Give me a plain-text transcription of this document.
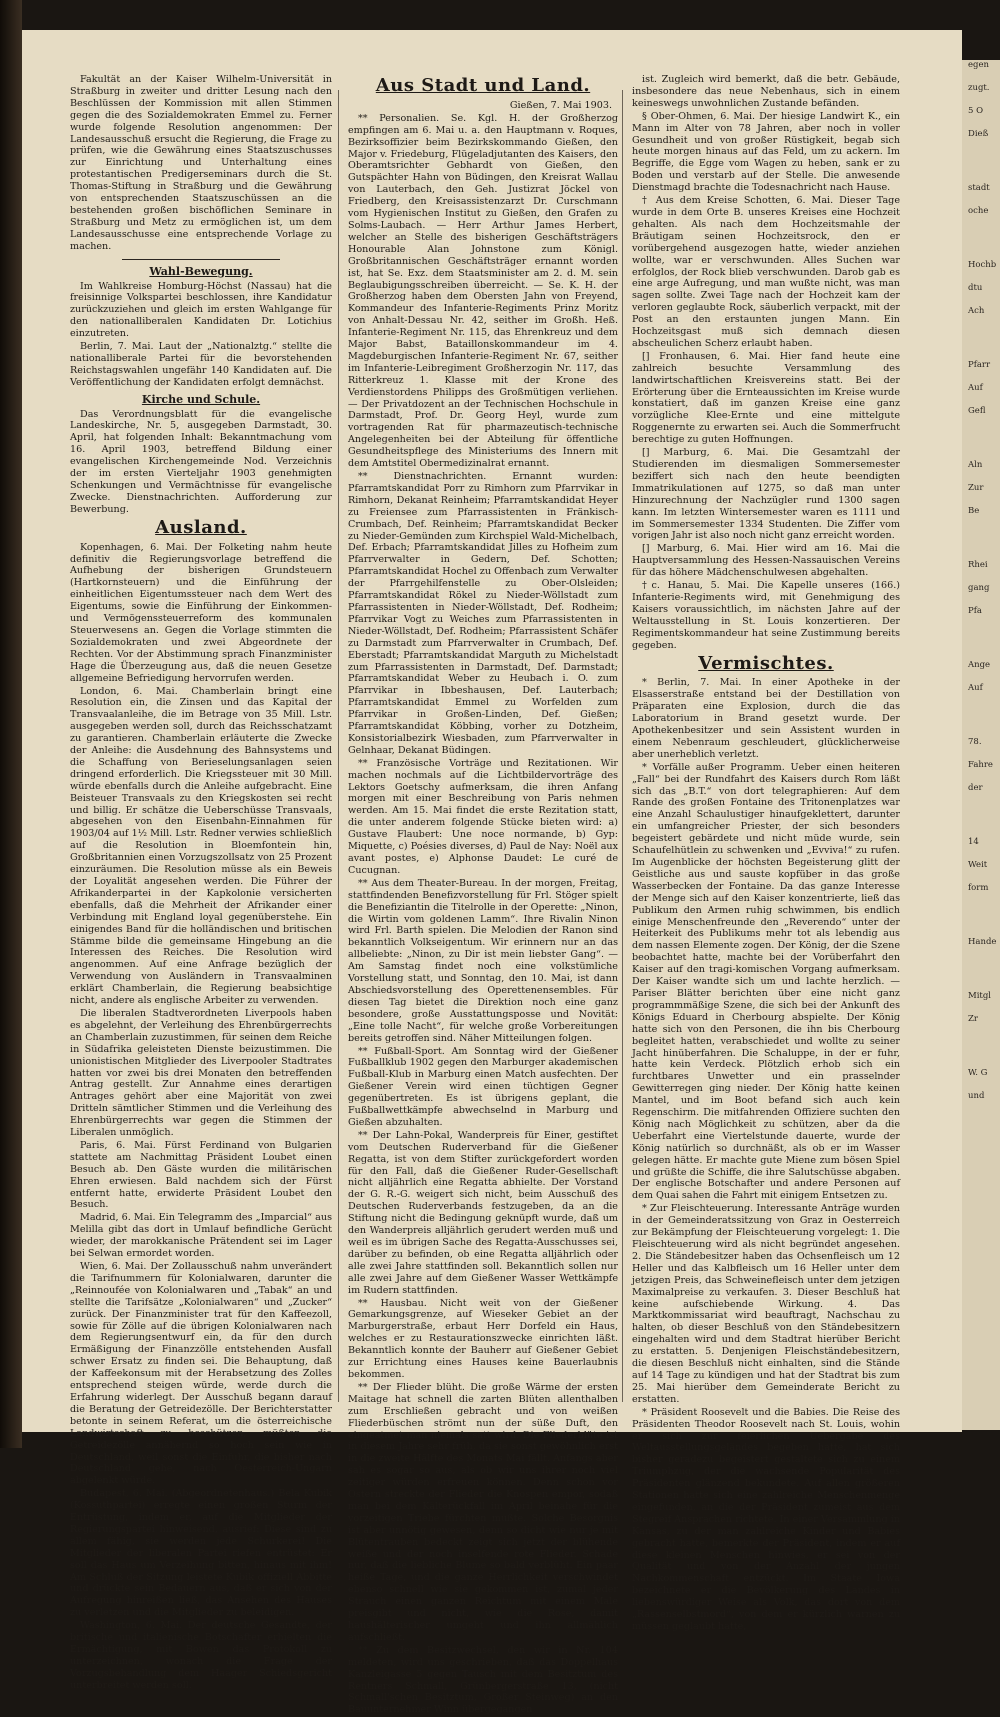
Fakultät an der Kaiser Wilhelm-Universität in Straßburg in zweiter und dritter Lesung nach den Beschlüssen der Kommission mit allen Stimmen gegen die des Sozialdemokraten Emmel zu. Ferner wurde folgende Resolution angenommen: Der Landesausschuß ersucht die Regierung, die Frage zu prüfen, wie die Gewährung eines Staatszuschusses zur Einrichtung und Unterhaltung eines protestantischen Predigerseminars durch die St. Thomas-Stiftung in Straßburg und die Gewährung von entsprechenden Staatszuschüssen an die bestehenden großen bischöflichen Seminare in Straßburg und Metz zu ermöglichen ist, um dem Landesausschusse eine entsprechende Vorlage zu machen.

Wahl-Bewegung.

Im Wahlkreise Homburg-Höchst (Nassau) hat die freisinnige Volkspartei beschlossen, ihre Kandidatur zurückzuziehen und gleich im ersten Wahlgange für den nationalliberalen Kandidaten Dr. Lotichius einzutreten.

Berlin, 7. Mai. Laut der „Nationalztg.“ stellte die nationalliberale Partei für die bevorstehenden Reichstagswahlen ungefähr 140 Kandidaten auf. Die Veröffentlichung der Kandidaten erfolgt demnächst.

Kirche und Schule.

Das Verordnungsblatt für die evangelische Landeskirche, Nr. 5, ausgegeben Darmstadt, 30. April, hat folgenden Inhalt: Bekanntmachung vom 16. April 1903, betreffend Bildung einer evangelischen Kirchengemeinde Nod. Verzeichnis der im ersten Vierteljahr 1903 genehmigten Schenkungen und Vermächtnisse für evangelische Zwecke. Dienstnachrichten. Aufforderung zur Bewerbung.

Ausland.

Kopenhagen, 6. Mai. Der Folketing nahm heute definitiv die Regierungsvorlage betreffend die Aufhebung der bisherigen Grundsteuern (Hartkornsteuern) und die Einführung der einheitlichen Eigentumssteuer nach dem Wert des Eigentums, sowie die Einführung der Einkommen- und Vermögenssteuerreform des kommunalen Steuerwesens an. Gegen die Vorlage stimmten die Sozialdemokraten und zwei Abgeordnete der Rechten. Vor der Abstimmung sprach Finanzminister Hage die Überzeugung aus, daß die neuen Gesetze allgemeine Befriedigung hervorrufen werden.

London, 6. Mai. Chamberlain bringt eine Resolution ein, die Zinsen und das Kapital der Transvaalanleihe, die im Betrage von 35 Mill. Lstr. ausgegeben werden soll, durch das Reichsschatzamt zu garantieren. Chamberlain erläuterte die Zwecke der Anleihe: die Ausdehnung des Bahnsystems und die Schaffung von Berieselungsanlagen seien dringend erforderlich. Die Kriegssteuer mit 30 Mill. würde ebenfalls durch die Anleihe aufgebracht. Eine Beisteuer Transvaals zu den Kriegskosten sei recht und billig. Er schätze die Ueberschüsse Transvaals, abgesehen von den Eisenbahn-Einnahmen für 1903/04 auf 1½ Mill. Lstr. Redner verwies schließlich auf die Resolution in Bloemfontein hin, Großbritannien einen Vorzugszollsatz von 25 Prozent einzuräumen. Die Resolution müsse als ein Beweis der Loyalität angesehen werden. Die Führer der Afrikanderpartei in der Kapkolonie versicherten ebenfalls, daß die Mehrheit der Afrikander einer Verbindung mit England loyal gegenüberstehe. Ein einigendes Band für die holländischen und britischen Stämme bilde die gemeinsame Hingebung an die Interessen des Reiches. Die Resolution wird angenommen. Auf eine Anfrage bezüglich der Verwendung von Ausländern in Transvaalminen erklärt Chamberlain, die Regierung beabsichtige nicht, andere als englische Arbeiter zu verwenden.

Die liberalen Stadtverordneten Liverpools haben es abgelehnt, der Verleihung des Ehrenbürgerrechts an Chamberlain zuzustimmen, für seinen dem Reiche in Südafrika geleisteten Dienste beizustimmen. Die unionistischen Mitglieder des Liverpooler Stadtrates hatten vor zwei bis drei Monaten den betreffenden Antrag gestellt. Zur Annahme eines derartigen Antrages gehört aber eine Majorität von zwei Dritteln sämtlicher Stimmen und die Verleihung des Ehrenbürgerrechts war gegen die Stimmen der Liberalen unmöglich.

Paris, 6. Mai. Fürst Ferdinand von Bulgarien stattete am Nachmittag Präsident Loubet einen Besuch ab. Den Gäste wurden die militärischen Ehren erwiesen. Bald nachdem sich der Fürst entfernt hatte, erwiderte Präsident Loubet den Besuch.

Madrid, 6. Mai. Ein Telegramm des „Imparcial“ aus Melilla gibt das dort in Umlauf befindliche Gerücht wieder, der marokkanische Prätendent sei im Lager bei Selwan ermordet worden.

Wien, 6. Mai. Der Zollausschuß nahm unverändert die Tarifnummern für Kolonialwaren, darunter die „Reinnoufée von Kolonialwaren und „Tabak“ an und stellte die Tarifsätze „Kolonialwaren“ und „Zucker“ zurück. Der Finanzminister trat für den Kaffeezoll, sowie für Zölle auf die übrigen Kolonialwaren nach dem Regierungsentwurf ein, da für den durch Ermäßigung der Finanzzölle entstehenden Ausfall schwer Ersatz zu finden sei. Die Behauptung, daß der Kaffeekonsum mit der Herabsetzung des Zolles entsprechend steigen würde, werde durch die Erfahrung widerlegt. Der Ausschuß begann darauf die Beratung der Getreidezölle. Der Berichterstatter betonte in seinem Referat, um die österreichische Landwirtschaft zu beschützen, müßten die Getreidezölle annähernd so hoch sein wie in Deutschland, weil sonst die Einfuhr, die bisher nach Deutschland gehe, nach Oesterreich-Ungarn abgelenkt würde.

Budapest, 6. Mai. (Abgeordnetenhaus.) Bela Kubik (Kossuthpartei) erregte einen großen Sturm der Entrüstung, indem er, auf die Mitglieder der Regierungspartei hinweisend, ausrief: Diese sind zu allem fähig, sie werden jede Schurkerei! Die Mitglieder der liberalen Partei riefen entrüstet: Er soll das Haus um Verzeihung bitten, hinaus mit ihm! Am Schluß der Sitzung leistete Kubik offiziell Abbitte und drückte sein Bedauern aus, daß er sich von der Aufregung hinreißen ließ, das Ansehen des Hauses zu verletzen und die Mitglieder zu beleidigen.

Washington, 6. Mai. Der deutsche Gesandte, der britische und italienische Botschafter erhielten die Ermächtigung, mit Bowen das Protokoll zu unterzeichnen, wonach die Frage der Vorzugsbehandlung dem Haager Schiedsgericht unterbreitet werden soll.

Aus Stadt und Land.

Gießen, 7. Mai 1903.

** Personalien. Se. Kgl. H. der Großherzog empfingen am 6. Mai u. a. den Hauptmann v. Roques, Bezirksoffizier beim Bezirkskommando Gießen, den Major v. Friedeburg, Flügeladjutanten des Kaisers, den Oberamtsrichter Gebhardt von Gießen, den Gutspächter Hahn von Büdingen, den Kreisrat Wallau von Lauterbach, den Geh. Justizrat Jöckel von Friedberg, den Kreisassistenzarzt Dr. Curschmann vom Hygienischen Institut zu Gießen, den Grafen zu Solms-Laubach. — Herr Arthur James Herbert, welcher an Stelle des bisherigen Geschäftsträgers Honourable Alan Johnstone zum Königl. Großbritannischen Geschäftsträger ernannt worden ist, hat Se. Exz. dem Staatsminister am 2. d. M. sein Beglaubigungsschreiben überreicht. — Se. K. H. der Großherzog haben dem Obersten Jahn von Freyend, Kommandeur des Infanterie-Regiments Prinz Moritz von Anhalt-Dessau Nr. 42, seither im Großh. Heß. Infanterie-Regiment Nr. 115, das Ehrenkreuz und dem Major Babst, Bataillonskommandeur im 4. Magdeburgischen Infanterie-Regiment Nr. 67, seither im Infanterie-Leibregiment Großherzogin Nr. 117, das Ritterkreuz 1. Klasse mit der Krone des Verdienstordens Philipps des Großmütigen verliehen. — Der Privatdozent an der Technischen Hochschule in Darmstadt, Prof. Dr. Georg Heyl, wurde zum vortragenden Rat für pharmazeutisch-technische Angelegenheiten bei der Abteilung für öffentliche Gesundheitspflege des Ministeriums des Innern mit dem Amtstitel Obermedizinalrat ernannt.

** Dienstnachrichten. Ernannt wurden: Pfarramtskandidat Porr zu Rimhorn zum Pfarrvikar in Rimhorn, Dekanat Reinheim; Pfarramtskandidat Heyer zu Freiensee zum Pfarrassistenten in Fränkisch-Crumbach, Def. Reinheim; Pfarramtskandidat Becker zu Nieder-Gemünden zum Kirchspiel Wald-Michelbach, Def. Erbach; Pfarramtskandidat Jilles zu Hofheim zum Pfarrverwalter in Gedern, Def. Schotten; Pfarramtskandidat Hochel zu Offenbach zum Verwalter der Pfarrgehilfenstelle zu Ober-Olsleiden; Pfarramtskandidat Rökel zu Nieder-Wöllstadt zum Pfarrassistenten in Nieder-Wöllstadt, Def. Rodheim; Pfarrvikar Vogt zu Weiches zum Pfarrassistenten in Nieder-Wöllstadt, Def. Rodheim; Pfarrassistent Schäfer zu Darmstadt zum Pfarrverwalter in Crumbach, Def. Eberstadt; Pfarramtskandidat Marguth zu Michelstadt zum Pfarrassistenten in Darmstadt, Def. Darmstadt; Pfarramtskandidat Weber zu Heubach i. O. zum Pfarrvikar in Ibbeshausen, Def. Lauterbach; Pfarramtskandidat Emmel zu Worfelden zum Pfarrvikar in Großen-Linden, Def. Gießen; Pfarramtskandidat Köbbing, vorher zu Dotzheim, Konsistorialbezirk Wiesbaden, zum Pfarrverwalter in Gelnhaar, Dekanat Büdingen.

** Französische Vorträge und Rezitationen. Wir machen nochmals auf die Lichtbildervorträge des Lektors Goetschy aufmerksam, die ihren Anfang morgen mit einer Beschreibung von Paris nehmen werden. Am 15. Mai findet die erste Rezitation statt, die unter anderem folgende Stücke bieten wird: a) Gustave Flaubert: Une noce normande, b) Gyp: Miquette, c) Poésies diverses, d) Paul de Nay: Noël aux avant postes, e) Alphonse Daudet: Le curé de Cucugnan.

** Aus dem Theater-Bureau. In der morgen, Freitag, stattfindenden Benefizvorstellung für Frl. Stöger spielt die Benefiziantin die Titelrolle in der Operette: „Ninon, die Wirtin vom goldenen Lamm“. Ihre Rivalin Ninon wird Frl. Barth spielen. Die Melodien der Ranon sind bekanntlich Volkseigentum. Wir erinnern nur an das allbeliebte: „Ninon, zu Dir ist mein liebster Gang“. — Am Samstag findet noch eine volkstümliche Vorstellung statt, und Sonntag, den 10. Mai, ist dann Abschiedsvorstellung des Operettenensembles. Für diesen Tag bietet die Direktion noch eine ganz besondere, große Ausstattungsposse und Novität: „Eine tolle Nacht“, für welche große Vorbereitungen bereits getroffen sind. Näher Mitteilungen folgen.

** Fußball-Sport. Am Sonntag wird der Gießener Fußballklub 1902 gegen den Marburger akademischen Fußball-Klub in Marburg einen Match ausfechten. Der Gießener Verein wird einen tüchtigen Gegner gegenübertreten. Es ist übrigens geplant, die Fußballwettkämpfe abwechselnd in Marburg und Gießen abzuhalten.

** Der Lahn-Pokal, Wanderpreis für Einer, gestiftet vom Deutschen Ruderverband für die Gießener Regatta, ist von dem Stifter zurückgefordert worden für den Fall, daß die Gießener Ruder-Gesellschaft nicht alljährlich eine Regatta abhielte. Der Vorstand der G. R.-G. weigert sich nicht, beim Ausschuß des Deutschen Ruderverbands festzugeben, da an die Stiftung nicht die Bedingung geknüpft wurde, daß um den Wanderpreis alljährlich gerudert werden muß und weil es im übrigen Sache des Regatta-Ausschusses sei, darüber zu befinden, ob eine Regatta alljährlich oder alle zwei Jahre stattfinden soll. Bekanntlich sollen nur alle zwei Jahre auf dem Gießener Wasser Wettkämpfe im Rudern stattfinden.

** Hausbau. Nicht weit von der Gießener Gemarkungsgrenze, auf Wieseker Gebiet an der Marburgerstraße, erbaut Herr Dorfeld ein Haus, welches er zu Restaurationszwecke einrichten läßt. Bekanntlich konnte der Bauherr auf Gießener Gebiet zur Errichtung eines Hauses keine Bauerlaubnis bekommen.

** Der Flieder blüht. Die große Wärme der ersten Maitage hat schnell die zarten Blüten allenthalben zum Erschließen gebracht und von weißen Fliederbüschen strömt nun der süße Duft, den eingeatmet man niemals satt wird. Die Fliederblüte ist in diesem Jahre sehr früh, da sie sonst gewöhnlich erst in die zweite Hälfte des Monats Mai fällt. Anfangs aber sah es sogar so aus, als ob wir uns ihrer noch viel zeitiger würden erfreuen können. Denn schon vor Ostern streckte der Flieder die Knospen empor, sodaß man bei dem Kälterückfall im April beinahe für die vorzeitigen Triebe fürchten mußte. Solche Besorgnis ist aber unnötig gewesen, denn so dicht wie nur je mit Blütentrauben bedeckt zeigt sich jetzt der blühende weiße und der noch inselfende rote Flieder. Schade nur, daß die liebliche Blume so bald verblüht. Ein paar heiße Tage, und die ganze Herrlichkeit verschwindet ebenso schnell wie sie gekommen ist, zumal jeder Strauch einen ganzen Reichtum mit einem Male preisgibt und nicht, wie die Rose, damit haushälterischer umgeht und ihn allmählich aufschließt.

** Zu dem Besitzwechsel, den wir in Nr. 104 meldeten, wird uns geschrieben, daß das Doppelhaus Kanzleigasse 5 gegen Tausch mit dem Besitztum des Rentners Schmall, Grünbergerstraße 13, (nicht Schmall'schen Besitztum, Großer Steinweg) an den Bauunternehmer Winn übergegangen

ist. Zugleich wird bemerkt, daß die betr. Gebäude, insbesondere das neue Nebenhaus, sich in einem keineswegs unwohnlichen Zustande befänden.

§ Ober-Ohmen, 6. Mai. Der hiesige Landwirt K., ein Mann im Alter von 78 Jahren, aber noch in voller Gesundheit und von großer Rüstigkeit, begab sich heute morgen hinaus auf das Feld, um zu ackern. Im Begriffe, die Egge vom Wagen zu heben, sank er zu Boden und verstarb auf der Stelle. Die anwesende Dienstmagd brachte die Todesnachricht nach Hause.

† Aus dem Kreise Schotten, 6. Mai. Dieser Tage wurde in dem Orte B. unseres Kreises eine Hochzeit gehalten. Als nach dem Hochzeitsmahle der Bräutigam seinen Hochzeitsrock, den er vorübergehend ausgezogen hatte, wieder anziehen wollte, war er verschwunden. Alles Suchen war erfolglos, der Rock blieb verschwunden. Darob gab es eine arge Aufregung, und man wußte nicht, was man sagen sollte. Zwei Tage nach der Hochzeit kam der verloren geglaubte Rock, säuberlich verpackt, mit der Post an den erstaunten jungen Mann. Ein Hochzeitsgast muß sich demnach diesen abscheulichen Scherz erlaubt haben.

[] Fronhausen, 6. Mai. Hier fand heute eine zahlreich besuchte Versammlung des landwirtschaftlichen Kreisvereins statt. Bei der Erörterung über die Ernteaussichten im Kreise wurde konstatiert, daß im ganzen Kreise eine ganz vorzügliche Klee-Ernte und eine mittelgute Roggenernte zu erwarten sei. Auch die Sommerfrucht berechtige zu guten Hoffnungen.

[] Marburg, 6. Mai. Die Gesamtzahl der Studierenden im diesmaligen Sommersemester beziffert sich nach den heute beendigten Immatrikulationen auf 1275, so daß man unter Hinzurechnung der Nachzügler rund 1300 sagen kann. Im letzten Wintersemester waren es 1111 und im Sommersemester 1334 Studenten. Die Ziffer vom vorigen Jahr ist also noch nicht ganz erreicht worden.

[] Marburg, 6. Mai. Hier wird am 16. Mai die Hauptversammlung des Hessen-Nassauischen Vereins für das höhere Mädchenschulwesen abgehalten.

†c. Hanau, 5. Mai. Die Kapelle unseres (166.) Infanterie-Regiments wird, mit Genehmigung des Kaisers voraussichtlich, im nächsten Jahre auf der Weltausstellung in St. Louis konzertieren. Der Regimentskommandeur hat seine Zustimmung bereits gegeben.

Vermischtes.

* Berlin, 7. Mai. In einer Apotheke in der Elsasserstraße entstand bei der Destillation von Präparaten eine Explosion, durch die das Laboratorium in Brand gesetzt wurde. Der Apothekenbesitzer und sein Assistent wurden in einem Nebenraum geschleudert, glücklicherweise aber unerheblich verletzt.

* Vorfälle außer Programm. Ueber einen heiteren „Fall“ bei der Rundfahrt des Kaisers durch Rom läßt sich das „B.T.“ von dort telegraphieren: Auf dem Rande des großen Fontaine des Tritonenplatzes war eine Anzahl Schaulustiger hinaufgeklettert, darunter ein umfangreicher Priester, der sich besonders begeistert gebärdete und nicht müde wurde, sein Schaufelhütlein zu schwenken und „Evviva!“ zu rufen. Im Augenblicke der höchsten Begeisterung glitt der Geistliche aus und sauste kopfüber in das große Wasserbecken der Fontaine. Da das ganze Interesse der Menge sich auf den Kaiser konzentrierte, ließ das Publikum den Armen ruhig schwimmen, bis endlich einige Menschenfreunde den „Reverendo“ unter der Heiterkeit des Publikums mehr tot als lebendig aus dem nassen Elemente zogen. Der König, der die Szene beobachtet hatte, machte bei der Vorüberfahrt den Kaiser auf den tragi-komischen Vorgang aufmerksam. Der Kaiser wandte sich um und lachte herzlich. — Pariser Blätter berichten über eine nicht ganz programmmäßige Szene, die sich bei der Ankunft des Königs Eduard in Cherbourg abspielte. Der König hatte sich von den Personen, die ihn bis Cherbourg begleitet hatten, verabschiedet und wollte zu seiner Jacht hinüberfahren. Die Schaluppe, in der er fuhr, hatte kein Verdeck. Plötzlich erhob sich ein furchtbares Unwetter und ein prasselnder Gewitterregen ging nieder. Der König hatte keinen Mantel, und im Boot befand sich auch kein Regenschirm. Die mitfahrenden Offiziere suchten den König nach Möglichkeit zu schützen, aber da die Ueberfahrt eine Viertelstunde dauerte, wurde der König natürlich so durchnäßt, als ob er im Wasser gelegen hätte. Er machte gute Miene zum bösen Spiel und grüßte die Schiffe, die ihre Salutschüsse abgaben. Der englische Botschafter und andere Personen auf dem Quai sahen die Fahrt mit einigem Entsetzen zu.

* Zur Fleischteuerung. Interessante Anträge wurden in der Gemeinderatssitzung von Graz in Oesterreich zur Bekämpfung der Fleischteuerung vorgelegt: 1. Die Fleischteuerung wird als nicht begründet angesehen. 2. Die Ständebesitzer haben das Ochsenfleisch um 12 Heller und das Kalbfleisch um 16 Heller unter dem jetzigen Preis, das Schweinefleisch unter dem jetzigen Maximalpreise zu verkaufen. 3. Dieser Beschluß hat keine aufschiebende Wirkung. 4. Das Marktkommissariat wird beauftragt, Nachschau zu halten, ob dieser Beschluß von den Ständebesitzern eingehalten wird und dem Stadtrat hierüber Bericht zu erstatten. 5. Denjenigen Fleischständebesitzern, die diesen Beschluß nicht einhalten, sind die Stände auf 14 Tage zu kündigen und hat der Stadtrat bis zum 25. Mai hierüber dem Gemeinderate Bericht zu erstatten.

* Präsident Roosevelt und die Babies. Die Reise des Präsidenten Theodor Roosevelt nach St. Louis, wohin er sich zur feierlichen Uebergabe des Weltausstellungsgeländes begeben hatte, hat sich bisher geradezu begeistert gestaltete sich zu einem Triumphzug, der die wachsende Popularität des Präsidenten glänzend bekundete. Auf allen größeren Stationen hatte sich eine zahlreiche Menschenmenge eingefunden, an die der Präsident zumeist aus dem Stegreif Ansprachen richtete. In einer Versammlung in Kansas, zu der man zahlreiche Kinder und Babies gebracht hatte, bemerkte der Präsident, indem er auf diese kleinen Menschen hinwies, er sei von der Qualität und von der Anzahl der jungen Nachkommenschaft entzückt. Im Staate Iowa bezeichnete er die Bevölkerung des Landes in liebenswürdiger Weise als Volk, das dort von dem „Rassenselbstmord“, von dem er kürzlich warnen zu müssen geglaubt hatte,

egen
zugt.
5 O
Dieß

stadt
oche

Hochb
dtu
Ach

Pfarr
Auf
Gefl

Aln
Zur
Be

Rhei
gang
Pfa

Ange
Auf

78.
Fahre
der

14
Weit
form

Hande

Mitgl
Zr

W. G
und
